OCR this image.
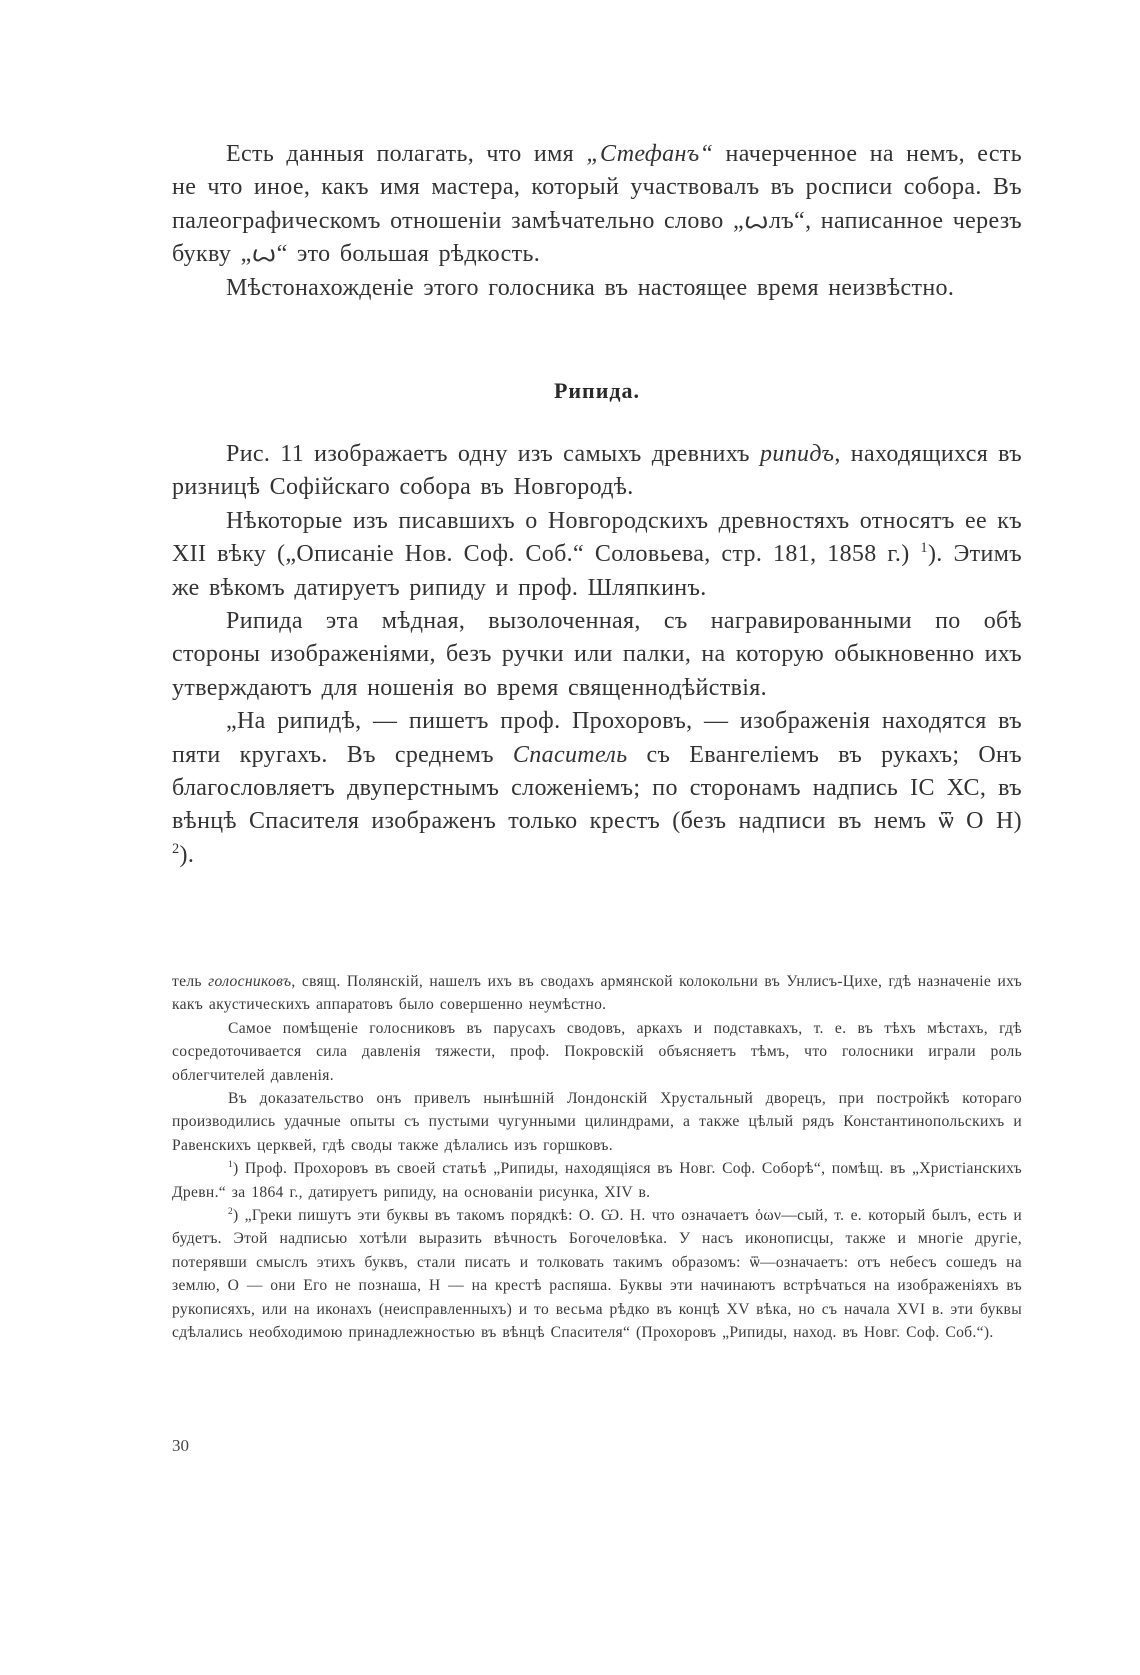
Есть данныя полагать, что имя „Стефанъ“ начерченное на немъ, есть не что иное, какъ имя мастера, который участвовалъ въ росписи собора. Въ палеографическомъ отношеніи замѣчательно слово „ꙍлъ“, написанное черезъ букву „ꙍ“ это большая рѣдкость.

Мѣстонахожденіе этого голосника въ настоящее время неизвѣстно.

Рипида.

Рис. 11 изображаетъ одну изъ самыхъ древнихъ рипидъ, находящихся въ ризницѣ Софійскаго собора въ Новгородѣ.

Нѣкоторые изъ писавшихъ о Новгородскихъ древностяхъ относятъ ее къ XII вѣку („Описаніе Нов. Соф. Соб.“ Соловьева, стр. 181, 1858 г.) $^1$). Этимъ же вѣкомъ датируетъ рипиду и проф. Шляпкинъ.

Рипида эта мѣдная, вызолоченная, съ награвированными по обѣ стороны изображеніями, безъ ручки или палки, на которую обыкновенно ихъ утверждаютъ для ношенія во время священнодѣйствія.

„На рипидѣ, — пишетъ проф. Прохоровъ, — изображенія находятся въ пяти кругахъ. Въ среднемъ Спаситель съ Евангеліемъ въ рукахъ; Онъ благословляетъ двуперстнымъ сложеніемъ; по сторонамъ надпись ІС ХС, въ вѣнцѣ Спасителя изображенъ только крестъ (безъ надписи въ немъ ѿ О Н) $^2$).

тель голосниковъ, свящ. Полянскій, нашелъ ихъ въ сводахъ армянской колокольни въ Унлисъ-Цихе, гдѣ назначеніе ихъ какъ акустическихъ аппаратовъ было совершенно неумѣстно.

Самое помѣщеніе голосниковъ въ парусахъ сводовъ, аркахъ и подставкахъ, т. е. въ тѣхъ мѣстахъ, гдѣ сосредоточивается сила давленія тяжести, проф. Покровскій объясняетъ тѣмъ, что голосники играли роль облегчителей давленія.

Въ доказательство онъ привелъ нынѣшній Лондонскій Хрустальный дворецъ, при постройкѣ котораго производились удачные опыты съ пустыми чугунными цилиндрами, а также цѣлый рядъ Константинопольскихъ и Равенскихъ церквей, гдѣ своды также дѣлались изъ горшковъ.

$^1$) Проф. Прохоровъ въ своей статьѣ „Рипиды, находящіяся въ Новг. Соф. Соборѣ“, помѣщ. въ „Христіанскихъ Древн.“ за 1864 г., датируетъ рипиду, на основаніи рисунка, XIV в.

$^2$) „Греки пишутъ эти буквы въ такомъ порядкѣ: О. Ѡ. Н. что означаетъ ὁων—сый, т. е. который былъ, есть и будетъ. Этой надписью хотѣли выразить вѣчность Богочеловѣка. У насъ иконописцы, также и многіе другіе, потерявши смыслъ этихъ буквъ, стали писать и толковать такимъ образомъ: ѿ—означаетъ: отъ небесъ сошедъ на землю, О — они Его не познаша, Н — на крестѣ распяша. Буквы эти начинаютъ встрѣчаться на изображеніяхъ въ рукописяхъ, или на иконахъ (неисправленныхъ) и то весьма рѣдко въ концѣ XV вѣка, но съ начала XVI в. эти буквы сдѣлались необходимою принадлежностью въ вѣнцѣ Спасителя“ (Прохоровъ „Рипиды, наход. въ Новг. Соф. Соб.“).

30
